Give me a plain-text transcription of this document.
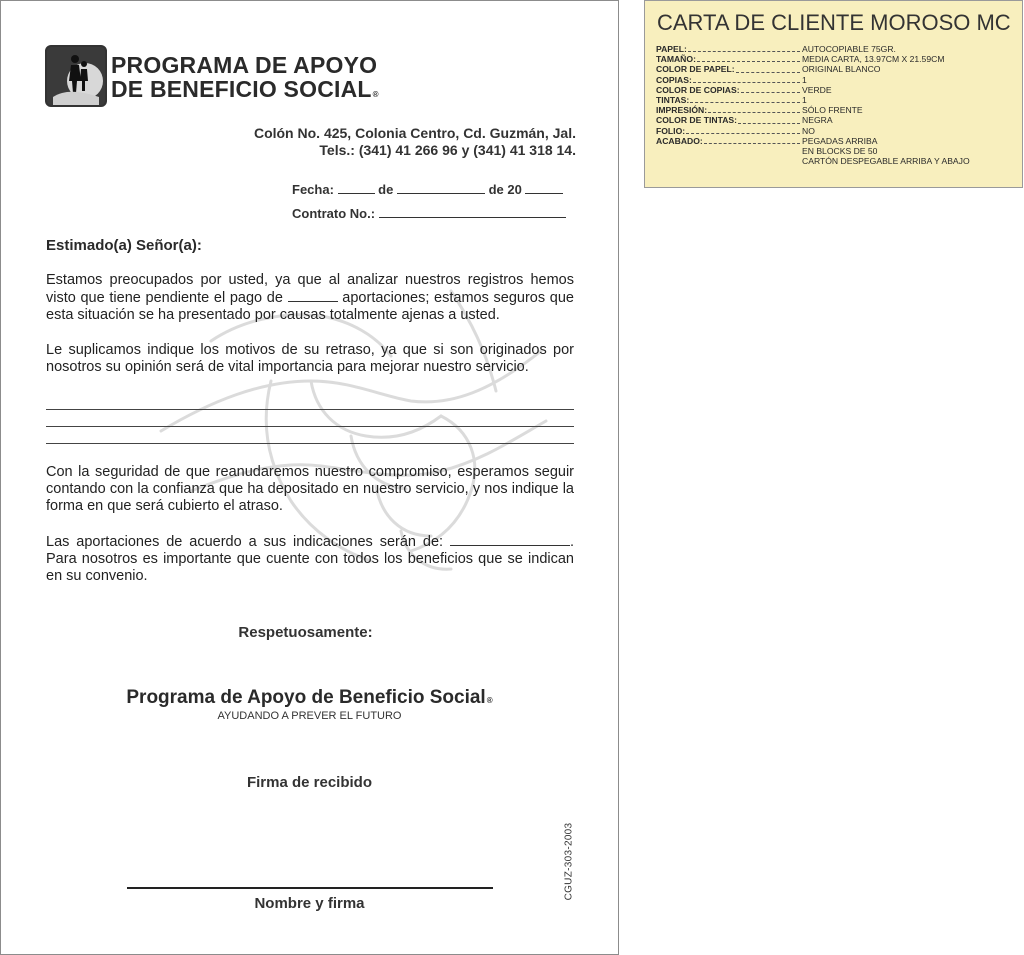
PROGRAMA DE APOYO
DE BENEFICIO SOCIAL®
Colón No. 425, Colonia Centro, Cd. Guzmán, Jal.
Tels.: (341) 41 266 96 y (341) 41 318 14.
Fecha:	de	de 20
Contrato No.:
Estimado(a) Señor(a):
Estamos preocupados por usted, ya que al analizar nuestros registros hemos visto que tiene pendiente el pago de	aportaciones; estamos seguros que esta situación se ha presentado por causas totalmente ajenas a usted.
Le suplicamos indique los motivos de su retraso, ya que si son originados por nosotros su opinión será de vital importancia para mejorar nuestro servicio.
Con la seguridad de que reanudaremos nuestro compromiso, esperamos seguir contando con la confianza que ha depositado en nuestro servicio, y nos indique la forma en que será cubierto el atraso.
Las aportaciones de acuerdo a sus indicaciones serán de:	. Para nosotros es importante que cuente con todos los beneficios que se indican en su convenio.
Respetuosamente:
Programa de Apoyo de Beneficio Social®
AYUDANDO A PREVER EL FUTURO
Firma de recibido
Nombre y firma
CGUZ-303-2003
CARTA DE CLIENTE MOROSO MC
PAPEL:	AUTOCOPIABLE 75GR.
TAMAÑO:	MEDIA CARTA, 13.97CM X 21.59CM
COLOR DE PAPEL:	ORIGINAL BLANCO
COPIAS:	1
COLOR DE COPIAS:	VERDE
TINTAS:	1
IMPRESIÓN:	SÓLO FRENTE
COLOR DE TINTAS:	NEGRA
FOLIO:	NO
ACABADO:	PEGADAS ARRIBA
EN BLOCKS DE 50
CARTÓN DESPEGABLE ARRIBA Y ABAJO
